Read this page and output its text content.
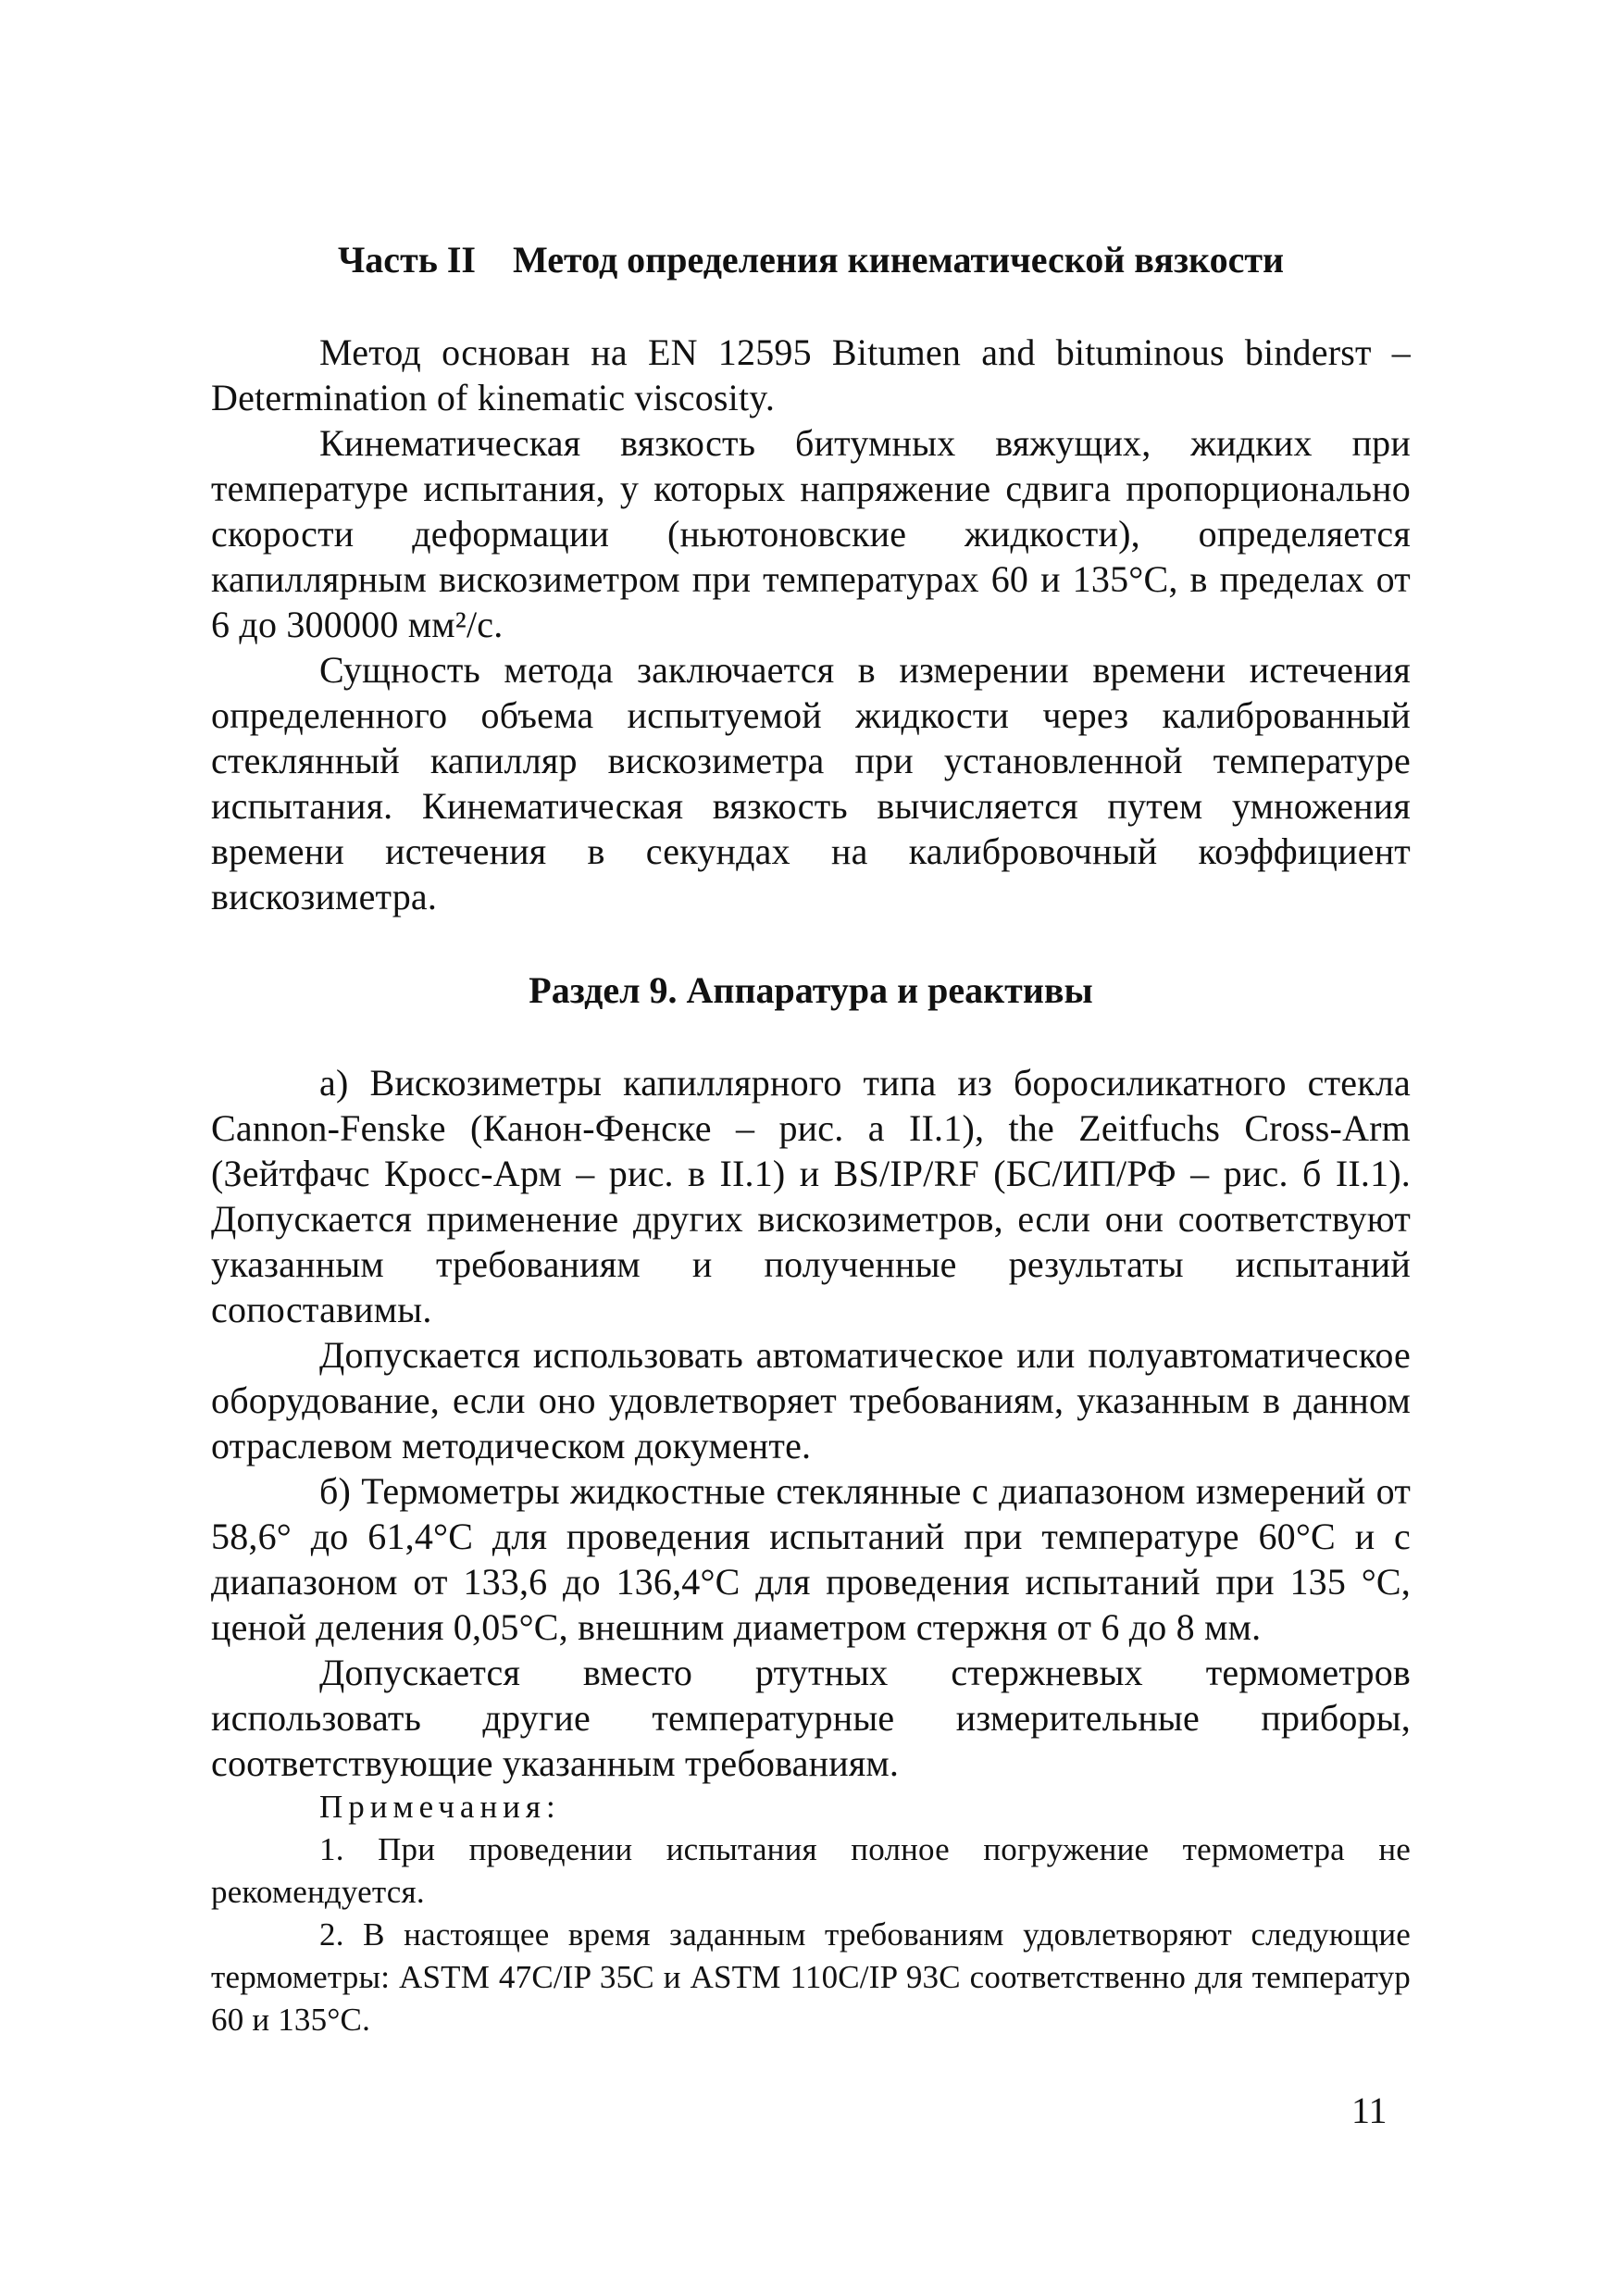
Часть II    Метод определения кинематической вязкости

Метод основан на EN 12595 Bitumen and bituminous bindersт – Determination of kinematic viscosity.

Кинематическая вязкость битумных вяжущих, жидких при температуре испытания, у которых напряжение сдвига пропорционально скорости деформации (ньютоновские жидкости), определяется капиллярным вискозиметром при температурах 60 и 135°С, в пределах от 6 до 300000 мм²/с.

Сущность метода заключается в измерении времени истечения определенного объема испытуемой жидкости через калиброванный стеклянный капилляр вискозиметра при установленной температуре испытания. Кинематическая вязкость вычисляется путем умножения времени истечения в секундах на калибровочный коэффициент вискозиметра.

Раздел 9. Аппаратура и реактивы

а) Вискозиметры капиллярного типа из боросиликатного стекла Cannon-Fenske (Канон-Фенске – рис. а II.1), the Zeitfuchs Cross-Arm (Зейтфачс Кросс-Арм – рис. в II.1) и BS/IP/RF (БС/ИП/РФ – рис. б II.1). Допускается применение других вискозиметров, если они соответствуют указанным требованиям и полученные результаты испытаний сопоставимы.

Допускается использовать автоматическое или полуавтоматическое оборудование, если оно удовлетворяет требованиям, указанным в данном отраслевом методическом документе.

б) Термометры жидкостные стеклянные с диапазоном измерений от 58,6° до 61,4°С для проведения испытаний при температуре 60°С и с диапазоном от 133,6 до 136,4°С для проведения испытаний при 135 °С, ценой деления 0,05°С, внешним диаметром стержня от 6 до 8 мм.

Допускается вместо ртутных стержневых термометров использовать другие температурные измерительные приборы, соответствующие указанным требованиям.

Примечания:

1. При проведении испытания полное погружение термометра не рекомендуется.

2. В настоящее время заданным требованиям удовлетворяют следующие термометры: ASTM 47C/IP 35C и ASTM 110C/IP 93C соответственно для температур 60 и 135°С.

11
